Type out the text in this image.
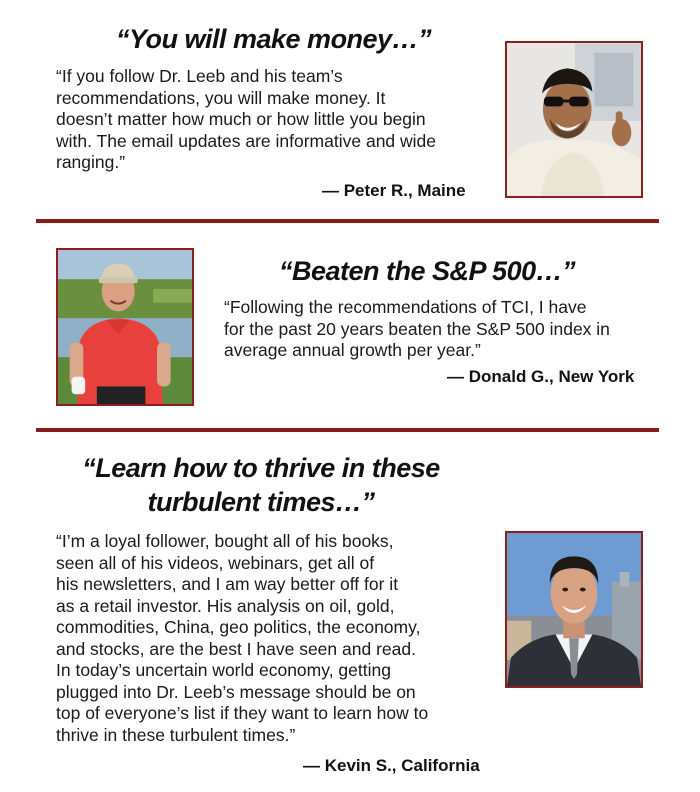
“You will make money…”
“If you follow Dr. Leeb and his team’s
recommendations, you will make money. It
doesn’t matter how much or how little you begin
with. The email updates are informative and wide
ranging.”
— Peter R., Maine
“Beaten the S&P 500…”
“Following the recommendations of TCI, I have
for the past 20 years beaten the S&P 500 index in
average annual growth per year.”
— Donald G., New York
“Learn how to thrive in these
turbulent times…”
“I’m a loyal follower, bought all of his books,
seen all of his videos, webinars, get all of
his newsletters, and I am way better off for it
as a retail investor. His analysis on oil, gold,
commodities, China, geo politics, the economy,
and stocks, are the best I have seen and read.
In today’s uncertain world economy, getting
plugged into Dr. Leeb’s message should be on
top of everyone’s list if they want to learn how to
thrive in these turbulent times.”
— Kevin S., California
